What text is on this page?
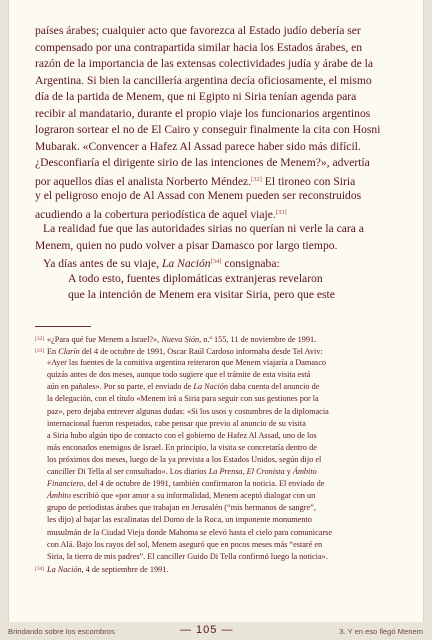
países árabes; cualquier acto que favorezca al Estado judío debería ser
compensado por una contrapartida similar hacia los Estados árabes, en
razón de la importancia de las extensas colectividades judía y árabe de la
Argentina. Si bien la cancillería argentina decía oficiosamente, el mismo
día de la partida de Menem, que ni Egipto ni Siria tenían agenda para
recibir al mandatario, durante el propio viaje los funcionarios argentinos
lograron sortear el no de El Cairo y conseguir finalmente la cita con Hosni
Mubarak. «Convencer a Hafez Al Assad parece haber sido más difícil.
¿Desconfiaría el dirigente sirio de las intenciones de Menem?», advertía
por aquellos días el analista Norberto Méndez.[32] El tironeo con Siria
y el peligroso enojo de Al Assad con Menem pueden ser reconstruidos
acudiendo a la cobertura periodística de aquel viaje.[33]
La realidad fue que las autoridades sirias no querían ni verle la cara a
Menem, quien no pudo volver a pisar Damasco por largo tiempo.
Ya días antes de su viaje, La Nación[34] consignaba:
A todo esto, fuentes diplomáticas extranjeras revelaron
que la intención de Menem era visitar Siria, pero que este
[32] «¿Para qué fue Menem a Israel?», Nueva Sión, n.º 155, 11 de noviembre de 1991.
[33] En Clarín del 4 de octubre de 1991, Oscar Raúl Cardoso informaba desde Tel Aviv:
«Ayer las fuentes de la comitiva argentina reiteraron que Menem viajaría a Damasco
quizás antes de dos meses, aunque todo sugiere que el trámite de esta visita está
aún en pañales». Por su parte, el enviado de La Nación daba cuenta del anuncio de
la delegación, con el título «Menem irá a Siria para seguir con sus gestiones por la
paz», pero dejaba entrever algunas dudas: «Si los usos y costumbres de la diplomacia
internacional fueron respetados, cabe pensar que previo al anuncio de su visita
a Siria hubo algún tipo de contacto con el gobierno de Hafez Al Assad, uno de los
más enconados enemigos de Israel. En principio, la visita se concretaría dentro de
los próximos dos meses, luego de la ya prevista a los Estados Unidos, según dijo el
canciller Di Tella al ser consultado». Los diarios La Prensa, El Cronista y Ámbito
Financiero, del 4 de octubre de 1991, también confirmaron la noticia. El enviado de
Ámbito escribió que «por amor a su informalidad, Menem aceptó dialogar con un
grupo de periodistas árabes que trabajan en Jerusalén (“mis hermanos de sangre”,
les dijo) al bajar las escalinatas del Domo de la Roca, un imponente monumento
musulmán de la Ciudad Vieja donde Mahoma se elevó hasta el cielo para comunicarse
con Alá. Bajo los rayos del sol, Menem aseguró que en pocos meses más “estaré en
Siria, la tierra de mis padres”. El canciller Guido Di Tella confirmó luego la noticia».
[34] La Nación, 4 de septiembre de 1991.
Brindando sobre los escombros	— 105 —	3. Y en eso llegó Menem
